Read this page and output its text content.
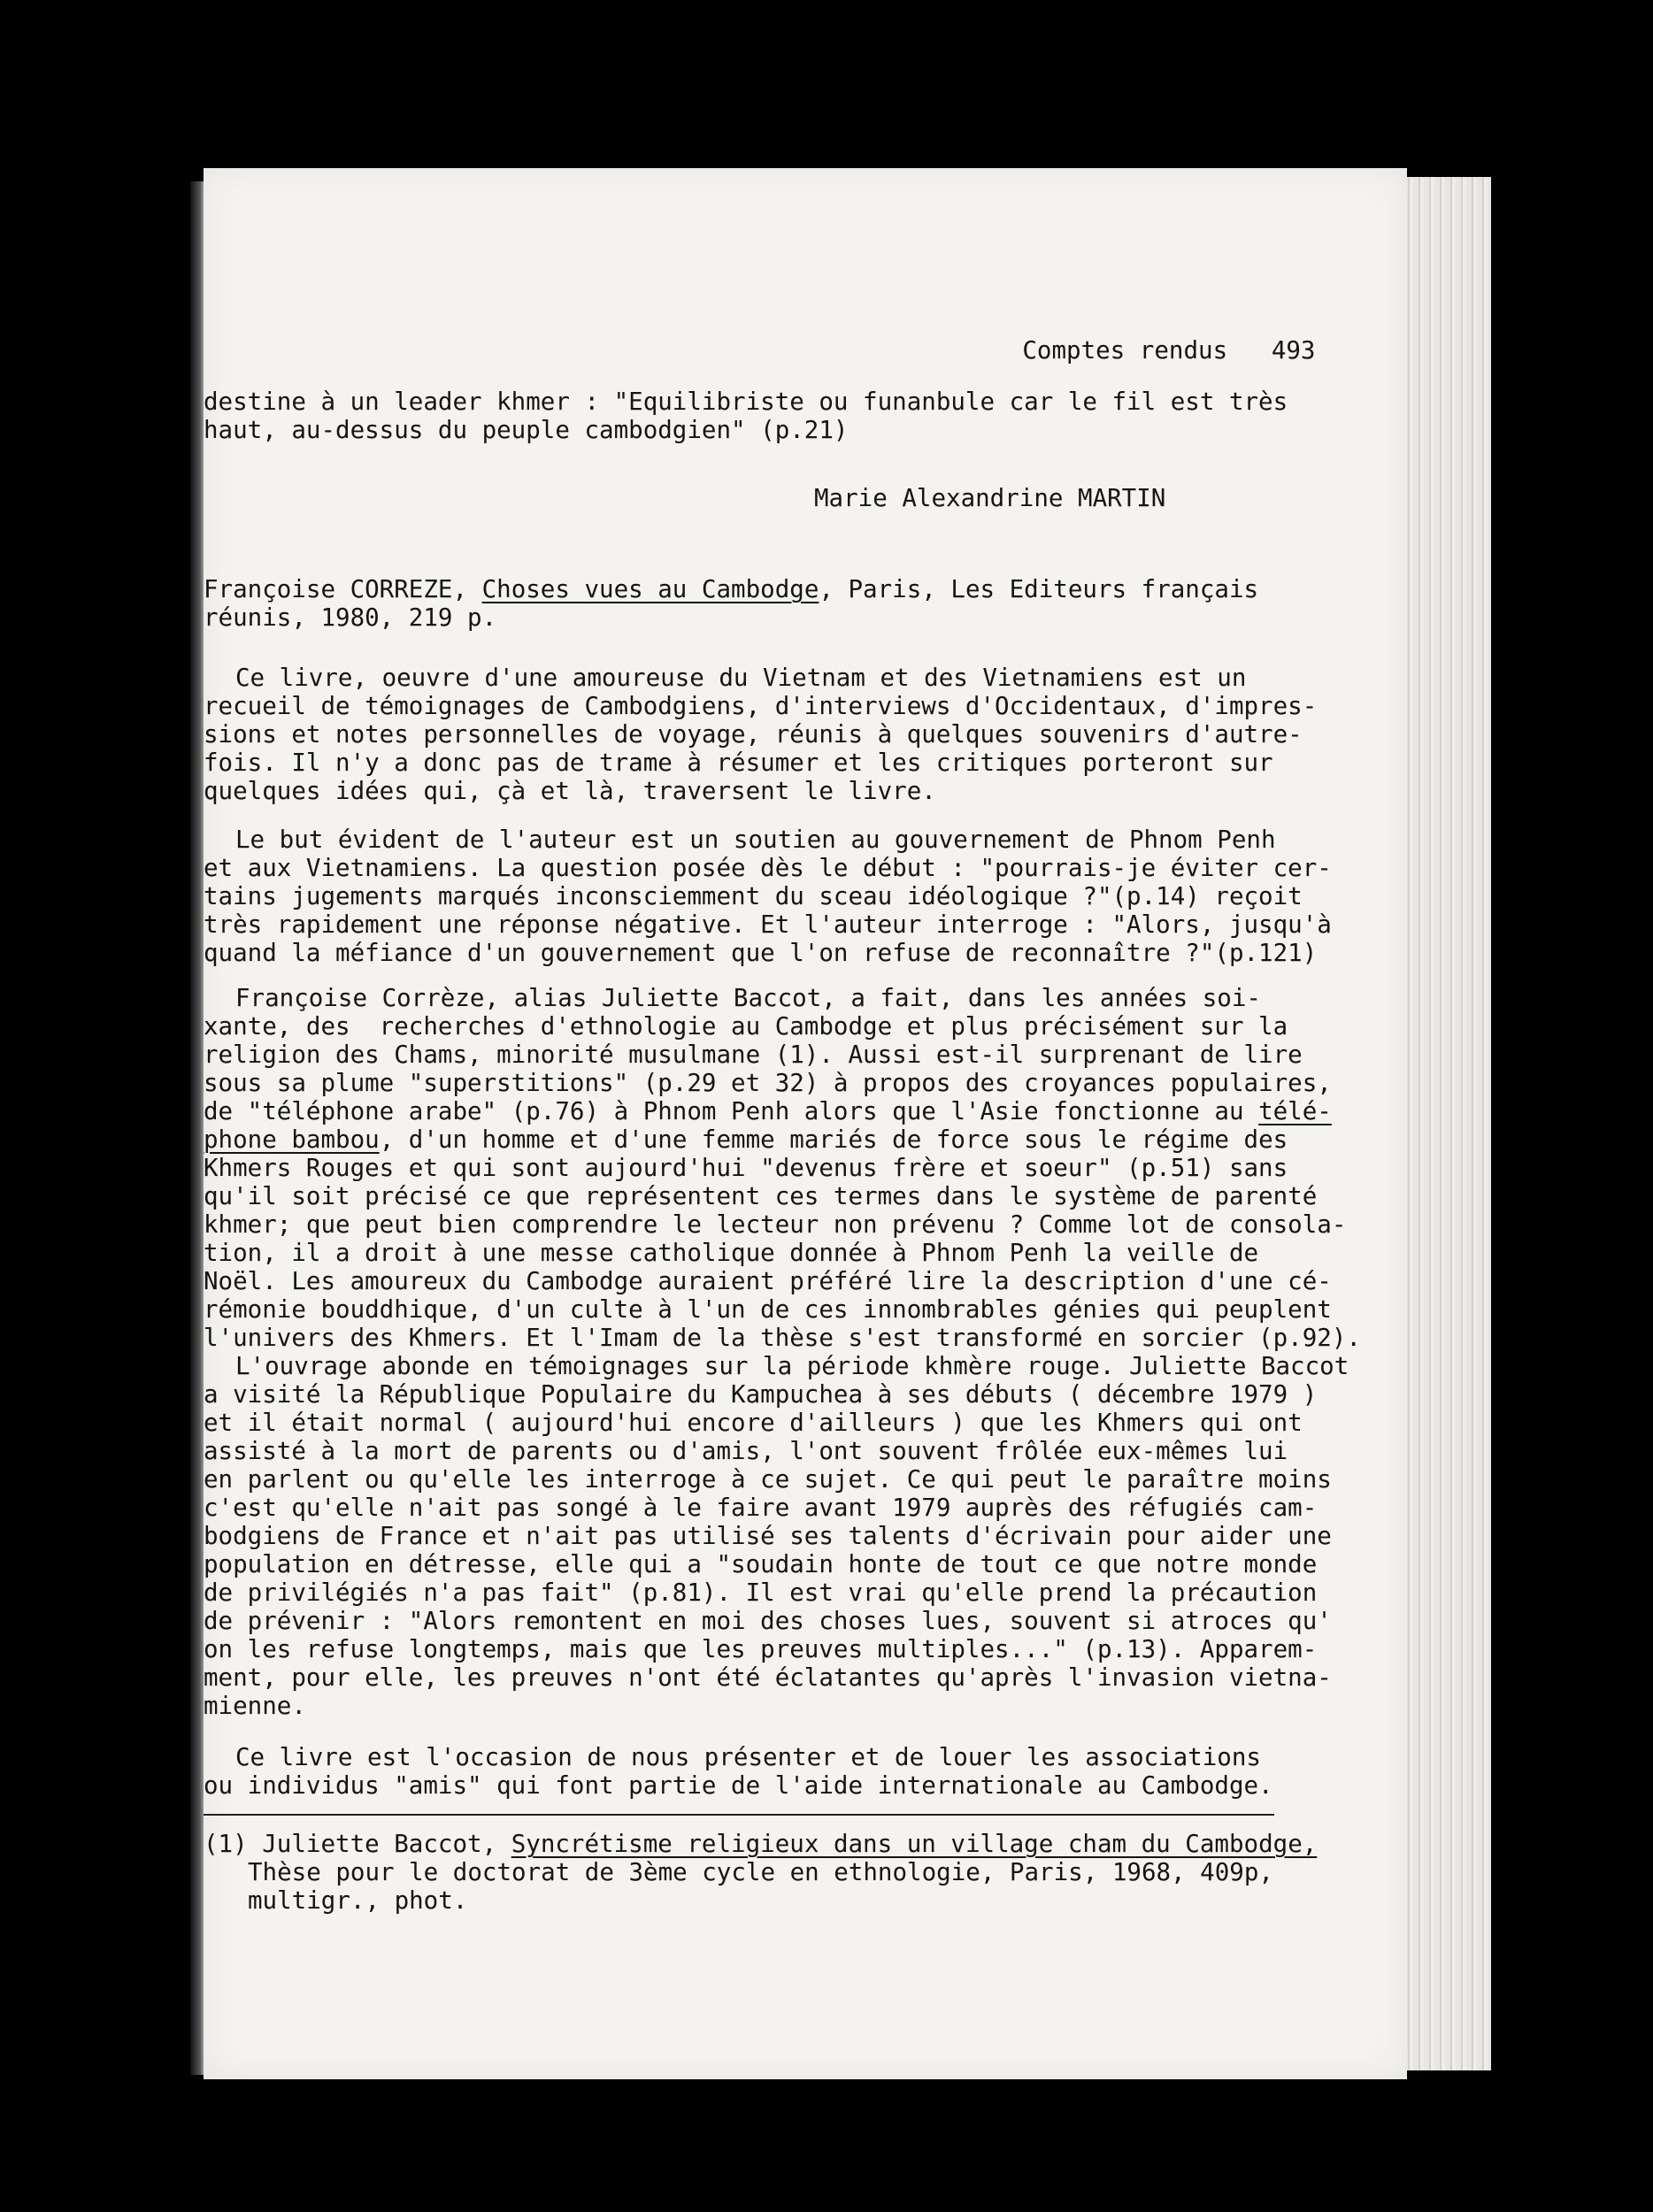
Comptes rendus 493

destine à un leader khmer : "Equilibriste ou funanbule car le fil est très
haut, au-dessus du peuple cambodgien" (p.21)
Marie Alexandrine MARTIN
Françoise CORREZE, Choses vues au Cambodge, Paris, Les Editeurs français
réunis, 1980, 219 p.
Ce livre, oeuvre d'une amoureuse du Vietnam et des Vietnamiens est un
recueil de témoignages de Cambodgiens, d'interviews d'Occidentaux, d'impres-
sions et notes personnelles de voyage, réunis à quelques souvenirs d'autre-
fois. Il n'y a donc pas de trame à résumer et les critiques porteront sur
quelques idées qui, çà et là, traversent le livre.
Le but évident de l'auteur est un soutien au gouvernement de Phnom Penh
et aux Vietnamiens. La question posée dès le début : "pourrais-je éviter cer-
tains jugements marqués inconsciemment du sceau idéologique ?"(p.14) reçoit
très rapidement une réponse négative. Et l'auteur interroge : "Alors, jusqu'à
quand la méfiance d'un gouvernement que l'on refuse de reconnaître ?"(p.121)
Françoise Corrèze, alias Juliette Baccot, a fait, dans les années soi-
xante, des  recherches d'ethnologie au Cambodge et plus précisément sur la
religion des Chams, minorité musulmane (1). Aussi est-il surprenant de lire
sous sa plume "superstitions" (p.29 et 32) à propos des croyances populaires,
de "téléphone arabe" (p.76) à Phnom Penh alors que l'Asie fonctionne au télé-
phone bambou, d'un homme et d'une femme mariés de force sous le régime des
Khmers Rouges et qui sont aujourd'hui "devenus frère et soeur" (p.51) sans
qu'il soit précisé ce que représentent ces termes dans le système de parenté
khmer; que peut bien comprendre le lecteur non prévenu ? Comme lot de consola-
tion, il a droit à une messe catholique donnée à Phnom Penh la veille de
Noël. Les amoureux du Cambodge auraient préféré lire la description d'une cé-
rémonie bouddhique, d'un culte à l'un de ces innombrables génies qui peuplent
l'univers des Khmers. Et l'Imam de la thèse s'est transformé en sorcier (p.92).
L'ouvrage abonde en témoignages sur la période khmère rouge. Juliette Baccot
a visité la République Populaire du Kampuchea à ses débuts ( décembre 1979 )
et il était normal ( aujourd'hui encore d'ailleurs ) que les Khmers qui ont
assisté à la mort de parents ou d'amis, l'ont souvent frôlée eux-mêmes lui
en parlent ou qu'elle les interroge à ce sujet. Ce qui peut le paraître moins
c'est qu'elle n'ait pas songé à le faire avant 1979 auprès des réfugiés cam-
bodgiens de France et n'ait pas utilisé ses talents d'écrivain pour aider une
population en détresse, elle qui a "soudain honte de tout ce que notre monde
de privilégiés n'a pas fait" (p.81). Il est vrai qu'elle prend la précaution
de prévenir : "Alors remontent en moi des choses lues, souvent si atroces qu'
on les refuse longtemps, mais que les preuves multiples..." (p.13). Apparem-
ment, pour elle, les preuves n'ont été éclatantes qu'après l'invasion vietna-
mienne.
Ce livre est l'occasion de nous présenter et de louer les associations
ou individus "amis" qui font partie de l'aide internationale au Cambodge.
(1) Juliette Baccot, Syncrétisme religieux dans un village cham du Cambodge,
Thèse pour le doctorat de 3ème cycle en ethnologie, Paris, 1968, 409p,
multigr., phot.
